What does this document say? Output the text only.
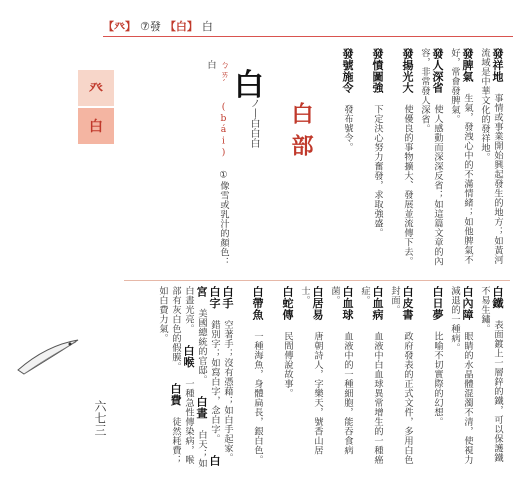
【癶】 ⑦發 【白】 白
癶
白
六七三
發祥地 事情或事業開始興起發生的地方；如黃河流域是中華文化的發祥地。
發脾氣 生氣，發洩心中的不滿情緒；如他脾氣不好，常會發脾氣。
發人深省 使人感動而深深反省；如這篇文章的內容，非常發人深省。
發揚光大 使優良的事物擴大、發展並流傳下去。
發憤圖強 下定決心努力奮發，求取強盛。
發號施令 發布號令。
白部
白
ノ丨白白白
ㄅㄞˊ (bái) ①像雪或乳汁的顏色：白
白鐵 表面鍍上一層鋅的鐵，可以保護鐵不易生鏽。
白內障 眼睛的水晶體混濁不清，使視力減退的一種病。
白日夢 比喻不切實際的幻想。
白皮書 政府發表的正式文件，多用白色封面。
白血病 血液中白血球異常增生的一種癌症。
白血球 血液中的一種細胞，能吞食病菌。
白居易 唐朝詩人，字樂天，號香山居士。
白蛇傳 民間傳說故事。
白帶魚 一種海魚，身體扁長，銀白色。
白手 空著手；沒有憑藉；如白手起家。 白字 錯別字；如寫白字，念白字。 白宮 美國總統的官邸。 白晝 白天；如白晝光亮。 白喉 一種急性傳染病，喉部有灰白色的假膜。 白費 徒然耗費；如白費力氣。
